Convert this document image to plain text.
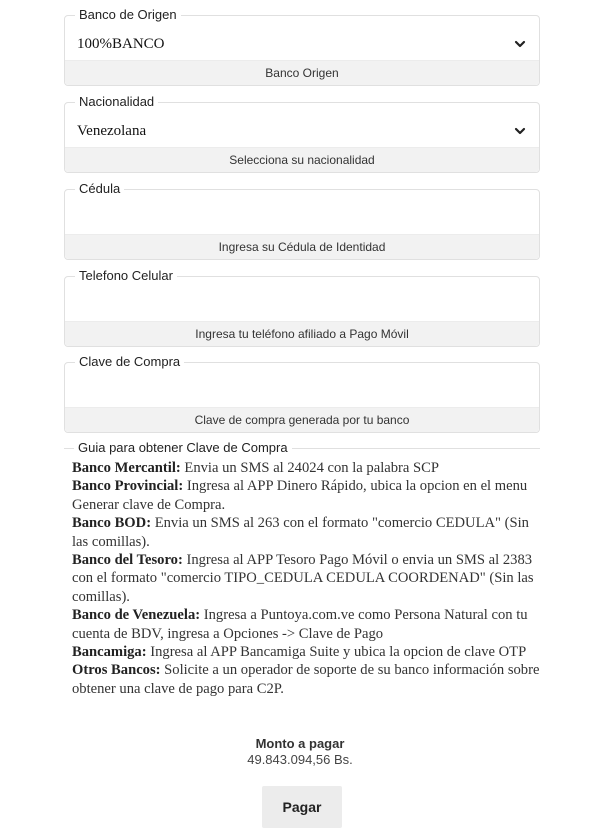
Banco de Origen
100%BANCO
Banco Origen
Nacionalidad
Venezolana
Selecciona su nacionalidad
Cédula
Ingresa su Cédula de Identidad
Telefono Celular
Ingresa tu teléfono afiliado a Pago Móvil
Clave de Compra
Clave de compra generada por tu banco
Guia para obtener Clave de Compra

Banco Mercantil: Envia un SMS al 24024 con la palabra SCP

Banco Provincial: Ingresa al APP Dinero Rápido, ubica la opcion en el menu Generar clave de Compra.

Banco BOD: Envia un SMS al 263 con el formato "comercio CEDULA" (Sin las comillas).

Banco del Tesoro: Ingresa al APP Tesoro Pago Móvil o envia un SMS al 2383 con el formato "comercio TIPO_CEDULA CEDULA COORDENAD" (Sin las comillas).

Banco de Venezuela: Ingresa a Puntoya.com.ve como Persona Natural con tu cuenta de BDV, ingresa a Opciones -> Clave de Pago

Bancamiga: Ingresa al APP Bancamiga Suite y ubica la opcion de clave OTP

Otros Bancos: Solicite a un operador de soporte de su banco información sobre obtener una clave de pago para C2P.

Monto a pagar
49.843.094,56 Bs.
Pagar
